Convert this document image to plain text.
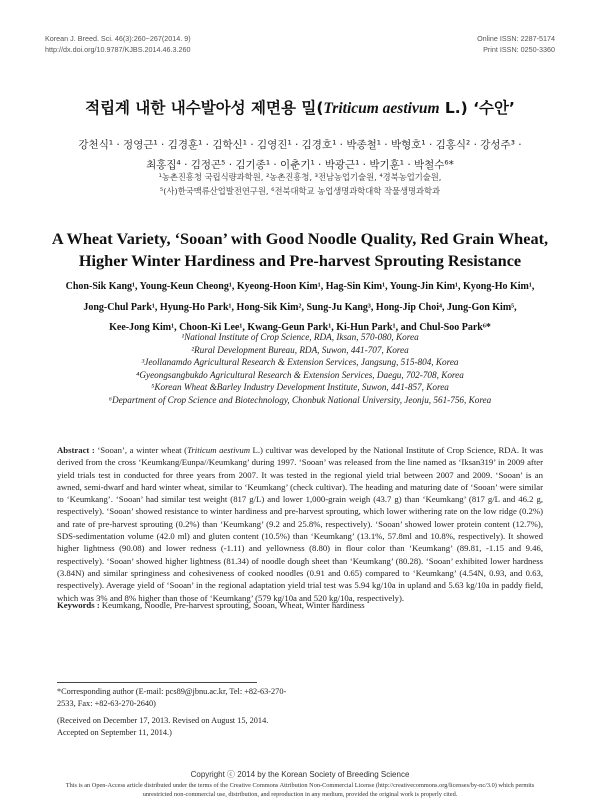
Korean J. Breed. Sci. 46(3):260~267(2014. 9)
http://dx.doi.org/10.9787/KJBS.2014.46.3.260
Online ISSN: 2287-5174
Print ISSN: 0250-3360
적립계 내한 내수발아성 제면용 밀(Triticum aestivum L.) ‘수안’
강천식¹ · 정영근¹ · 김경훈¹ · 김학신¹ · 김영진¹ · 김경호¹ · 박종철¹ · 박형호¹ · 김홍식² · 강성주³ ·
최홍집⁴ · 김정곤⁵ · 김기종¹ · 이춘기¹ · 박광근¹ · 박기훈¹ · 박철수⁶*
¹농촌진흥청 국립식량과학원, ²농촌진흥청, ³전남농업기술원, ⁴경북농업기술원,
⁵(사)한국맥류산업발전연구원, ⁶전북대학교 농업생명과학대학 작물생명과학과
A Wheat Variety, ‘Sooan’ with Good Noodle Quality, Red Grain Wheat,
Higher Winter Hardiness and Pre-harvest Sprouting Resistance
Chon-Sik Kang¹, Young-Keun Cheong¹, Kyeong-Hoon Kim¹, Hag-Sin Kim¹, Young-Jin Kim¹, Kyong-Ho Kim¹,
Jong-Chul Park¹, Hyung-Ho Park¹, Hong-Sik Kim², Sung-Ju Kang³, Hong-Jip Choi⁴, Jung-Gon Kim⁵,
Kee-Jong Kim¹, Choon-Ki Lee¹, Kwang-Geun Park¹, Ki-Hun Park¹, and Chul-Soo Park⁶*
¹National Institute of Crop Science, RDA, Iksan, 570-080, Korea
²Rural Development Bureau, RDA, Suwon, 441-707, Korea
³Jeollanamdo Agricultural Research & Extension Services, Jangsung, 515-804, Korea
⁴Gyeongsangbukdo Agricultural Research & Extension Services, Daegu, 702-708, Korea
⁵Korean Wheat &Barley Industry Development Institute, Suwon, 441-857, Korea
⁶Department of Crop Science and Biotechnology, Chonbuk National University, Jeonju, 561-756, Korea
Abstract : ‘Sooan’, a winter wheat (Triticum aestivum L.) cultivar was developed by the National Institute of Crop Science, RDA. It was derived from the cross ‘Keumkang/Eunpa//Keumkang’ during 1997. ‘Sooan’ was released from the line named as ‘Iksan319’ in 2009 after yield trials test in conducted for three years from 2007. It was tested in the regional yield trial between 2007 and 2009. ‘Sooan’ is an awned, semi-dwarf and hard winter wheat, similar to ‘Keumkang’ (check cultivar). The heading and maturing date of ‘Sooan’ were similar to ‘Keumkang’. ‘Sooan’ had similar test weight (817 g/L) and lower 1,000-grain weigh (43.7 g) than ‘Keumkang’ (817 g/L and 46.2 g, respectively). ‘Sooan’ showed resistance to winter hardiness and pre-harvest sprouting, which lower withering rate on the low ridge (0.2%) and rate of pre-harvest sprouting (0.2%) than ‘Keumkang’ (9.2 and 25.8%, respectively). ‘Sooan’ showed lower protein content (12.7%), SDS-sedimentation volume (42.0 ml) and gluten content (10.5%) than ‘Keumkang’ (13.1%, 57.8ml and 10.8%, respectively). It showed higher lightness (90.08) and lower redness (-1.11) and yellowness (8.80) in flour color than ‘Keumkang’ (89.81, -1.15 and 9.46, respectively). ‘Sooan’ showed higher lightness (81.34) of noodle dough sheet than ‘Keumkang’ (80.28). ‘Sooan’ exhibited lower hardness (3.84N) and similar springiness and cohesiveness of cooked noodles (0.91 and 0.65) compared to ‘Keumkang’ (4.54N, 0.93, and 0.63, respectively). Average yield of ‘Sooan’ in the regional adaptation yield trial test was 5.94 kg/10a in upland and 5.63 kg/10a in paddy field, which was 3% and 8% higher than those of ‘Keumkang’ (579 kg/10a and 520 kg/10a, respectively).
Keywords : Keumkang, Noodle, Pre-harvest sprouting, Sooan, Wheat, Winter hardiness
*Corresponding author (E-mail: pcs89@jbnu.ac.kr, Tel: +82-63-270-2533, Fax: +82-63-270-2640)
(Received on December 17, 2013. Revised on August 15, 2014.
Accepted on September 11, 2014.)
Copyright ⓒ 2014 by the Korean Society of Breeding Science
This is an Open-Access article distributed under the terms of the Creative Commons Attribution Non-Commercial License (http://creativecommons.org/licenses/by-nc/3.0) which permits unrestricted non-commercial use, distribution, and reproduction in any medium, provided the original work is properly cited.
